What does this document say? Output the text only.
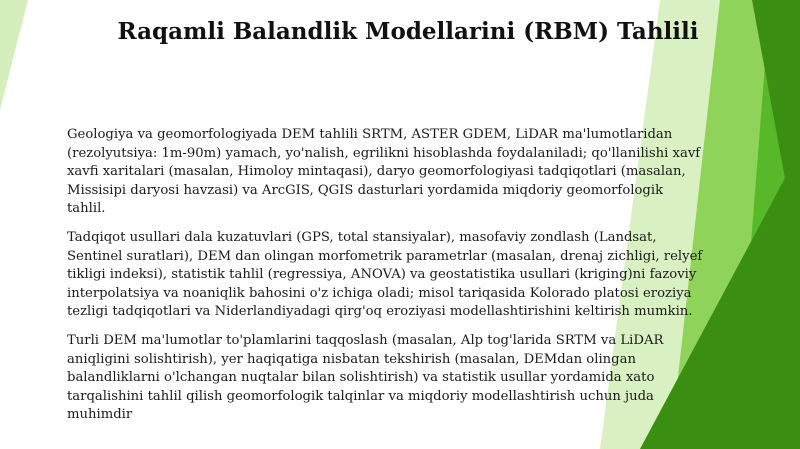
Raqamli Balandlik Modellarini (RBM) Tahlili

Geologiya va geomorfologiyada DEM tahlili SRTM, ASTER GDEM, LiDAR ma'lumotlaridan
(rezolyutsiya: 1m-90m) yamach, yo'nalish, egrilikni hisoblashda foydalaniladi; qo'llanilishi xavf
xavfi xaritalari (masalan, Himoloy mintaqasi), daryo geomorfologiyasi tadqiqotlari (masalan,
Missisipi daryosi havzasi) va ArcGIS, QGIS dasturlari yordamida miqdoriy geomorfologik
tahlil.

Tadqiqot usullari dala kuzatuvlari (GPS, total stansiyalar), masofaviy zondlash (Landsat,
Sentinel suratlari), DEM dan olingan morfometrik parametrlar (masalan, drenaj zichligi, relyef
tikligi indeksi), statistik tahlil (regressiya, ANOVA) va geostatistika usullari (kriging)ni fazoviy
interpolatsiya va noaniqlik bahosini o'z ichiga oladi; misol tariqasida Kolorado platosi eroziya
tezligi tadqiqotlari va Niderlandiyadagi qirg'oq eroziyasi modellashtirishini keltirish mumkin.

Turli DEM ma'lumotlar to'plamlarini taqqoslash (masalan, Alp tog'larida SRTM va LiDAR
aniqligini solishtirish), yer haqiqatiga nisbatan tekshirish (masalan, DEMdan olingan
balandliklarni o'lchangan nuqtalar bilan solishtirish) va statistik usullar yordamida xato
tarqalishini tahlil qilish geomorfologik talqinlar va miqdoriy modellashtirish uchun juda
muhimdir
